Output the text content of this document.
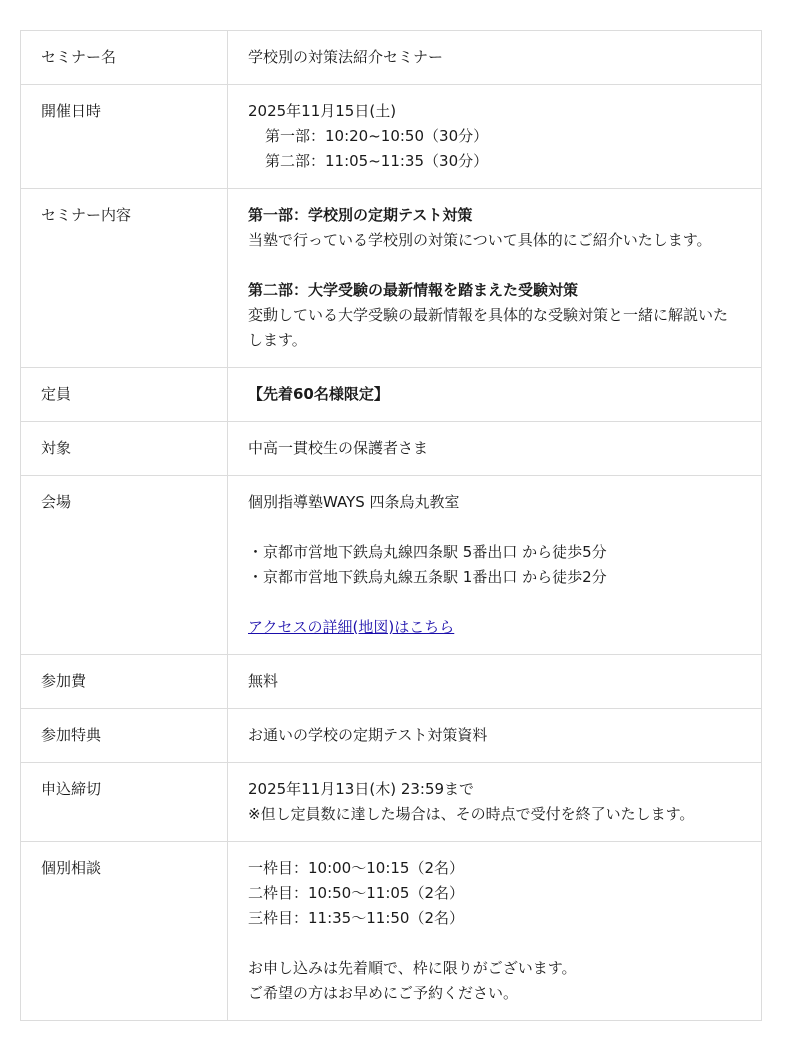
セミナー名	学校別の対策法紹介セミナー

開催日時	2025年11月15日(土)
第一部：10:20~10:50（30分）
第二部：11:05~11:35（30分）

セミナー内容	第一部：学校別の定期テスト対策
当塾で行っている学校別の対策について具体的にご紹介いたします。
第二部：大学受験の最新情報を踏まえた受験対策
変動している大学受験の最新情報を具体的な受験対策と一緒に解説いたします。

定員	【先着60名様限定】

対象	中高一貫校生の保護者さま

会場	個別指導塾WAYS 四条烏丸教室
・京都市営地下鉄烏丸線四条駅 5番出口 から徒歩5分
・京都市営地下鉄烏丸線五条駅 1番出口 から徒歩2分
アクセスの詳細(地図)はこちら

参加費	無料

参加特典	お通いの学校の定期テスト対策資料

申込締切	2025年11月13日(木) 23:59まで
※但し定員数に達した場合は、その時点で受付を終了いたします。

個別相談	一枠目：10:00〜10:15（2名）
二枠目：10:50〜11:05（2名）
三枠目：11:35〜11:50（2名）
お申し込みは先着順で、枠に限りがございます。
ご希望の方はお早めにご予約ください。
